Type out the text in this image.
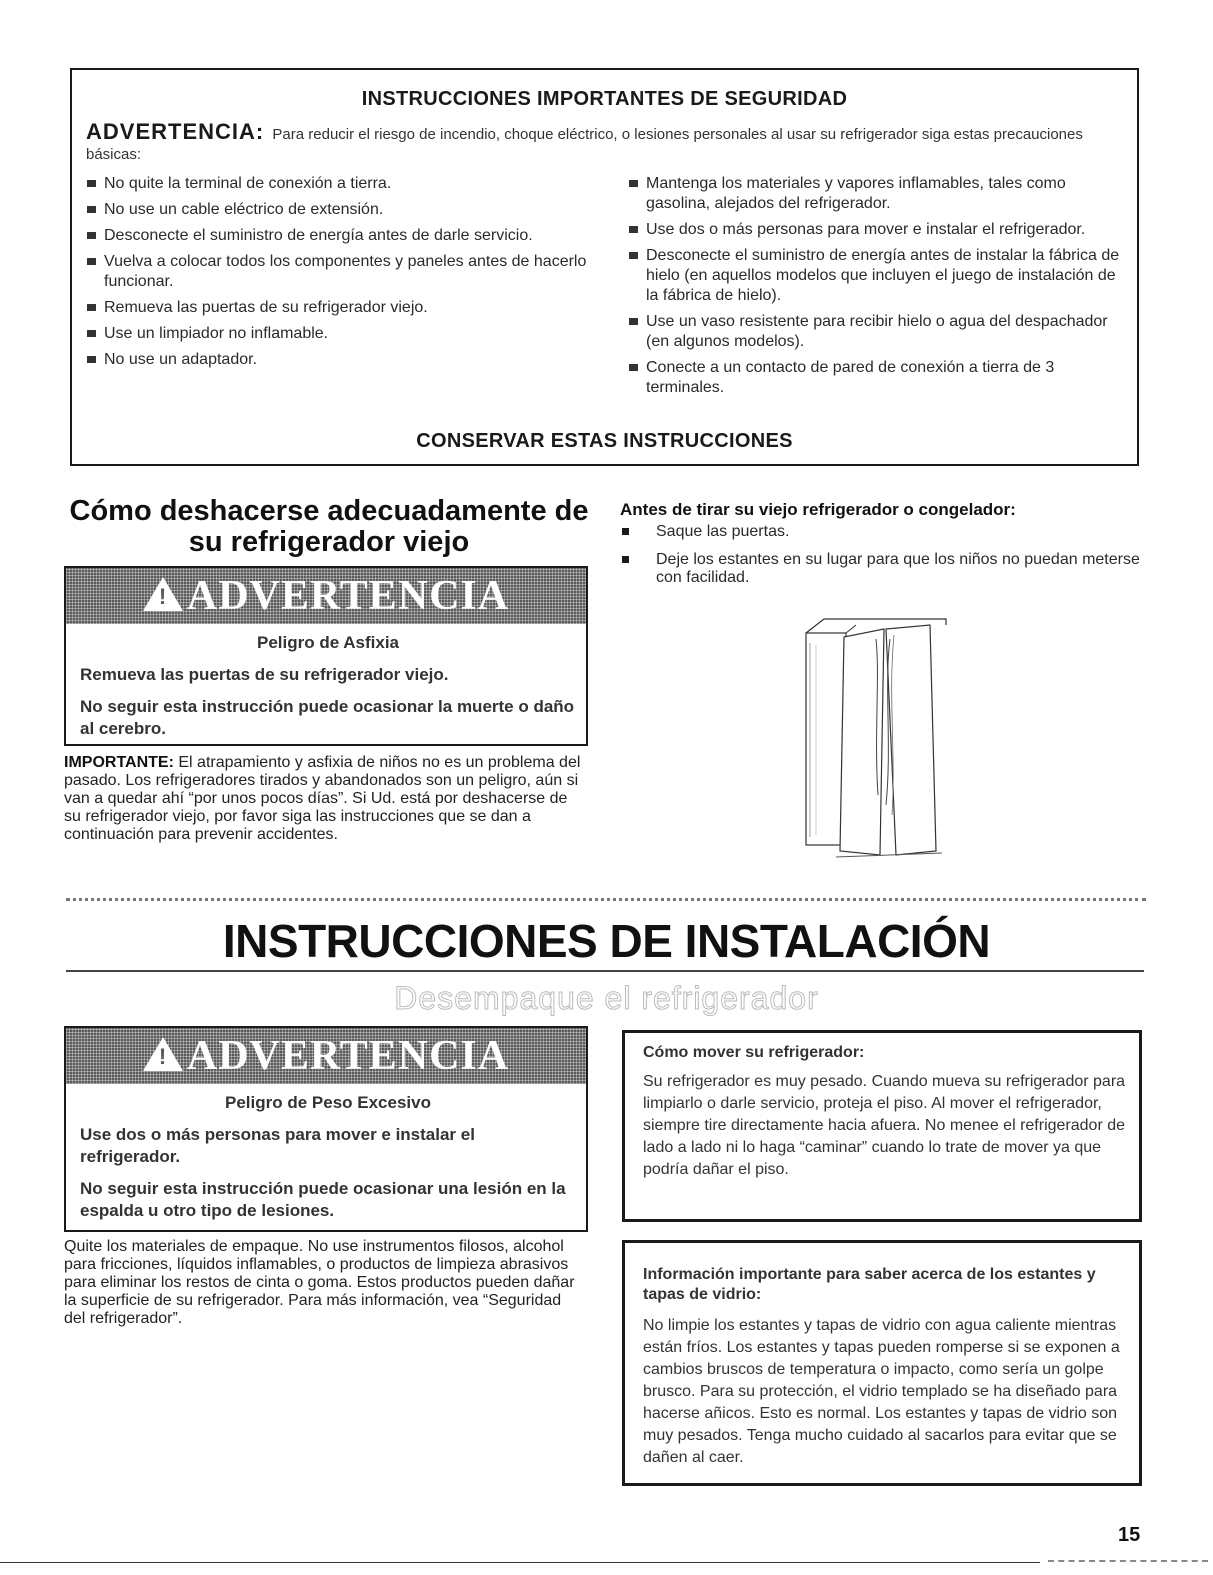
INSTRUCCIONES IMPORTANTES DE SEGURIDAD
ADVERTENCIA: Para reducir el riesgo de incendio, choque eléctrico, o lesiones personales al usar su refrigerador siga estas precauciones básicas:
No quite la terminal de conexión a tierra.
No use un cable eléctrico de extensión.
Desconecte el suministro de energía antes de darle servicio.
Vuelva a colocar todos los componentes y paneles antes de hacerlo funcionar.
Remueva las puertas de su refrigerador viejo.
Use un limpiador no inflamable.
No use un adaptador.
Mantenga los materiales y vapores inflamables, tales como gasolina, alejados del refrigerador.
Use dos o más personas para mover e instalar el refrigerador.
Desconecte el suministro de energía antes de instalar la fábrica de hielo (en aquellos modelos que incluyen el juego de instalación de la fábrica de hielo).
Use un vaso resistente para recibir hielo o agua del despachador (en algunos modelos).
Conecte a un contacto de pared de conexión a tierra de 3 terminales.
CONSERVAR ESTAS INSTRUCCIONES
Cómo deshacerse adecuadamente de su refrigerador viejo
! ADVERTENCIA

Peligro de Asfixia

Remueva las puertas de su refrigerador viejo.

No seguir esta instrucción puede ocasionar la muerte o daño al cerebro.

IMPORTANTE: El atrapamiento y asfixia de niños no es un problema del pasado. Los refrigeradores tirados y abandonados son un peligro, aún si van a quedar ahí “por unos pocos días”. Si Ud. está por deshacerse de su refrigerador viejo, por favor siga las instrucciones que se dan a continuación para prevenir accidentes.
Antes de tirar su viejo refrigerador o congelador:
Saque las puertas.
Deje los estantes en su lugar para que los niños no puedan meterse con facilidad.
INSTRUCCIONES DE INSTALACIÓN
Desempaque el refrigerador
! ADVERTENCIA

Peligro de Peso Excesivo

Use dos o más personas para mover e instalar el refrigerador.

No seguir esta instrucción puede ocasionar una lesión en la espalda u otro tipo de lesiones.

Quite los materiales de empaque. No use instrumentos filosos, alcohol para fricciones, líquidos inflamables, o productos de limpieza abrasivos para eliminar los restos de cinta o goma. Estos productos pueden dañar la superficie de su refrigerador. Para más información, vea “Seguridad del refrigerador”.
Cómo mover su refrigerador:
Su refrigerador es muy pesado. Cuando mueva su refrigerador para limpiarlo o darle servicio, proteja el piso. Al mover el refrigerador, siempre tire directamente hacia afuera. No menee el refrigerador de lado a lado ni lo haga “caminar” cuando lo trate de mover ya que podría dañar el piso.
Información importante para saber acerca de los estantes y tapas de vidrio:
No limpie los estantes y tapas de vidrio con agua caliente mientras están fríos. Los estantes y tapas pueden romperse si se exponen a cambios bruscos de temperatura o impacto, como sería un golpe brusco. Para su protección, el vidrio templado se ha diseñado para hacerse añicos. Esto es normal. Los estantes y tapas de vidrio son muy pesados. Tenga mucho cuidado al sacarlos para evitar que se dañen al caer.
15
